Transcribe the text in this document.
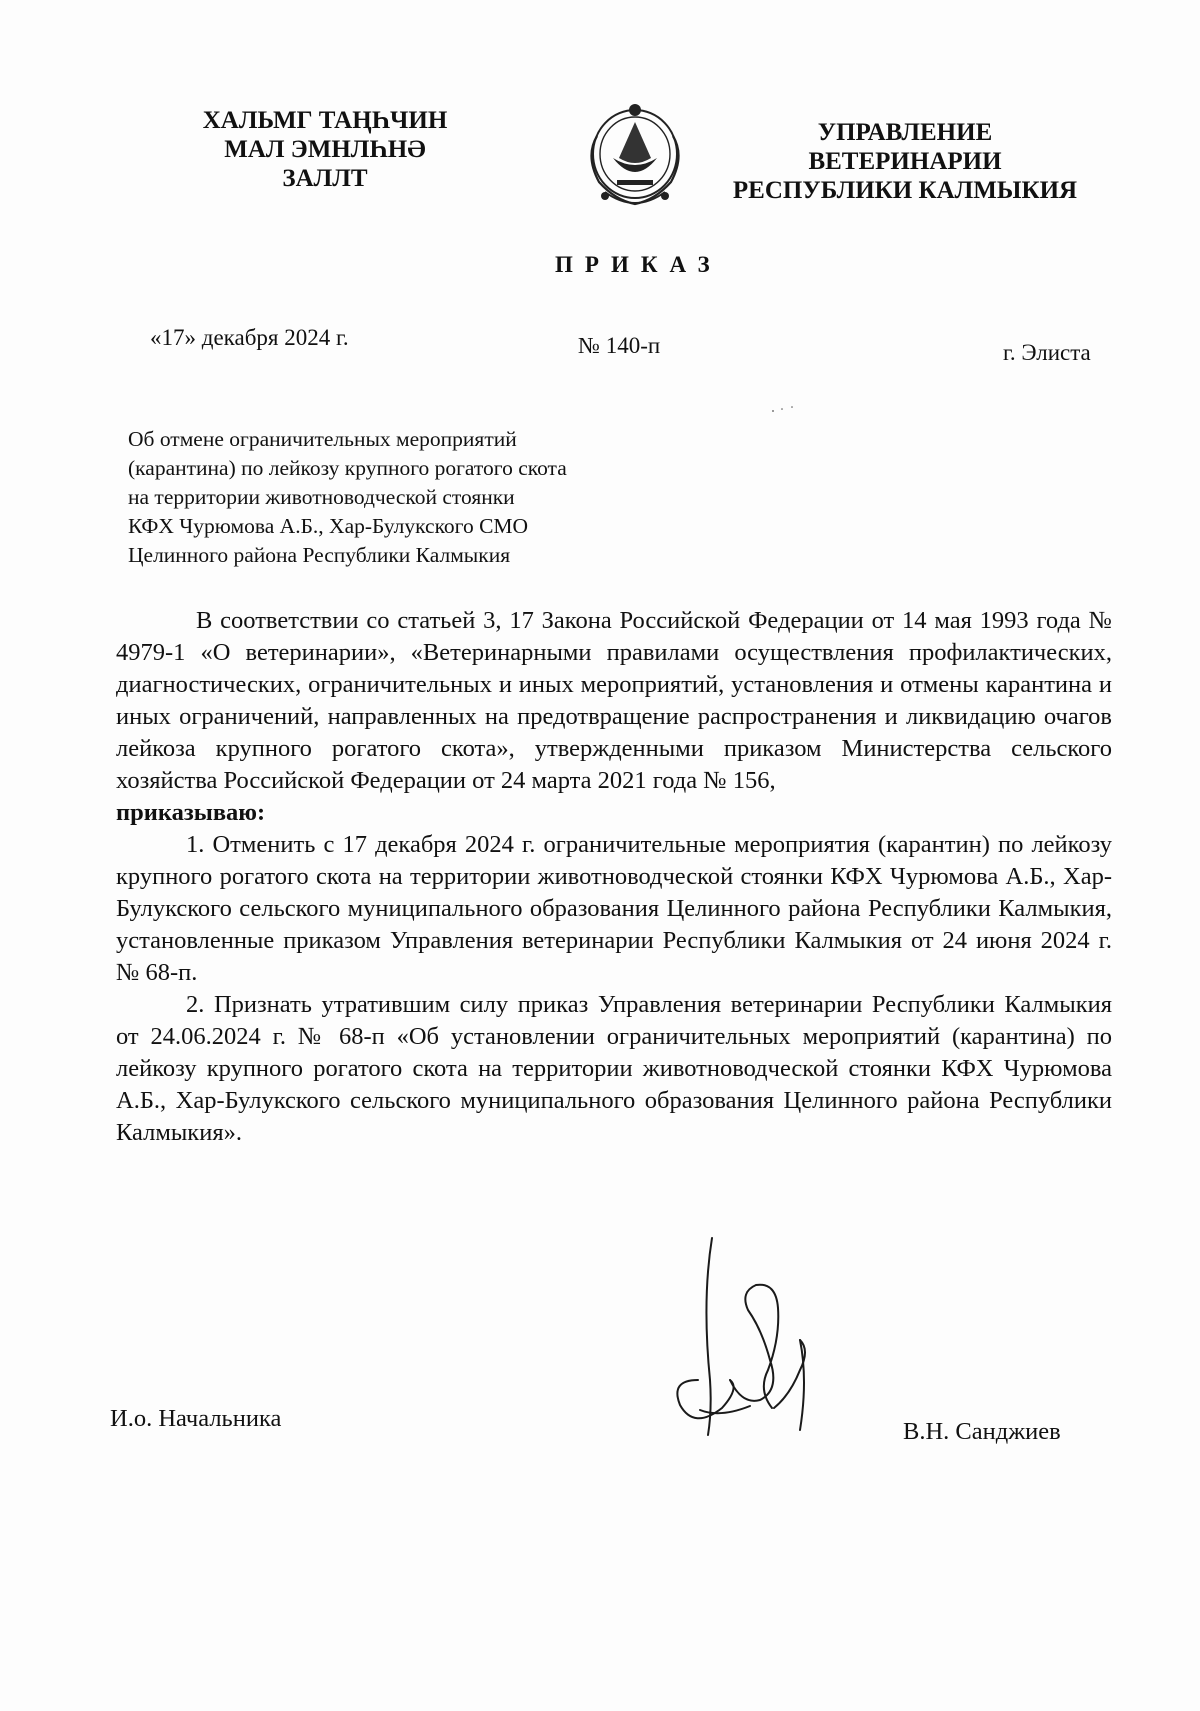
ХАЛЬМГ ТАҢҺЧИН
МАЛ ЭМНЛҺНӘ
ЗАЛЛТ
УПРАВЛЕНИЕ
ВЕТЕРИНАРИИ
РЕСПУБЛИКИ КАЛМЫКИЯ
ПРИКАЗ
«17» декабря 2024 г.	№ 140-п	г. Элиста
Об отмене ограничительных мероприятий
(карантина) по лейкозу крупного рогатого скота
на территории животноводческой стоянки
КФХ Чурюмова А.Б., Хар-Булукского СМО
Целинного района Республики Калмыкия

В соответствии со статьей 3, 17 Закона Российской Федерации от 14 мая 1993 года № 4979-1 «О ветеринарии», «Ветеринарными правилами осуществления профилактических, диагностических, ограничительных и иных мероприятий, установления и отмены карантина и иных ограничений, направленных на предотвращение распространения и ликвидацию очагов лейкоза крупного рогатого скота», утвержденными приказом Министерства сельского хозяйства Российской Федерации от 24 марта 2021 года № 156,
приказываю:

1. Отменить с 17 декабря 2024 г. ограничительные мероприятия (карантин) по лейкозу крупного рогатого скота на территории животноводческой стоянки КФХ Чурюмова А.Б., Хар-Булукского сельского муниципального образования Целинного района Республики Калмыкия, установленные приказом Управления ветеринарии Республики Калмыкия от 24 июня 2024 г. № 68-п.

2. Признать утратившим силу приказ Управления ветеринарии Республики Калмыкия от 24.06.2024 г. № 68-п «Об установлении ограничительных мероприятий (карантина) по лейкозу крупного рогатого скота на территории животноводческой стоянки КФХ Чурюмова А.Б., Хар-Булукского сельского муниципального образования Целинного района Республики Калмыкия».

И.о. Начальника	В.Н. Санджиев
